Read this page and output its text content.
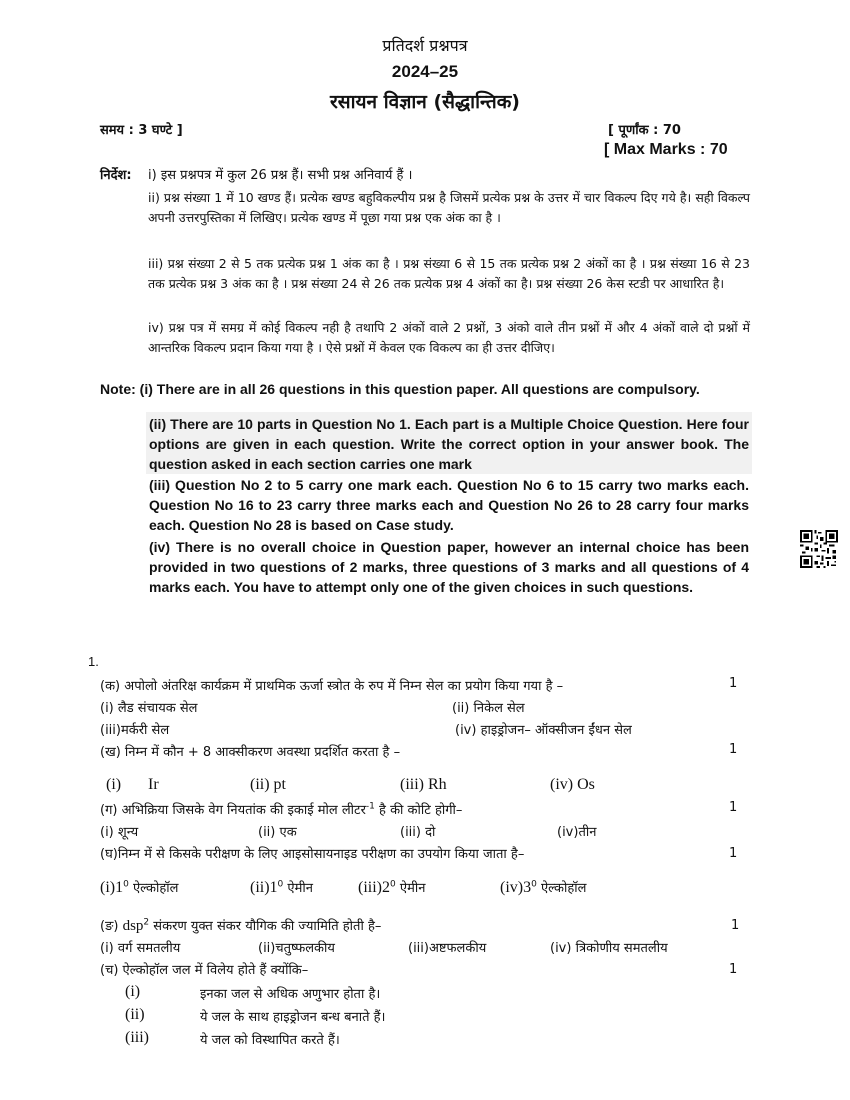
प्रतिदर्श प्रश्नपत्र
2024–25
रसायन विज्ञान (सैद्धान्तिक)
समय : 3 घण्टे ]	[ पूर्णांक : 70
[ Max Marks : 70
निर्देश: i) इस प्रश्नपत्र में कुल 26 प्रश्न हैं। सभी प्रश्न अनिवार्य हैं ।
ii) प्रश्न संख्या 1 में 10 खण्ड हैं। प्रत्येक खण्ड बहुविकल्पीय प्रश्न है जिसमें प्रत्येक प्रश्न के उत्तर में चार विकल्प दिए गये है। सही विकल्प अपनी उत्तरपुस्तिका में लिखिए। प्रत्येक खण्ड में पूछा गया प्रश्न एक अंक का है ।
iii) प्रश्न संख्या 2 से 5 तक प्रत्येक प्रश्न 1 अंक का है । प्रश्न संख्या 6 से 15 तक प्रत्येक प्रश्न 2 अंकों का है । प्रश्न संख्या 16 से 23 तक प्रत्येक प्रश्न 3 अंक का है । प्रश्न संख्या 24 से 26 तक प्रत्येक प्रश्न 4 अंकों का है। प्रश्न संख्या 26 केस स्टडी पर आधारित है।
iv) प्रश्न पत्र में समग्र में कोई विकल्प नही है तथापि 2 अंकों वाले 2 प्रश्नों, 3 अंको वाले तीन प्रश्नों में और 4 अंकों वाले दो प्रश्नों में आन्तरिक विकल्प प्रदान किया गया है । ऐसे प्रश्नों में केवल एक विकल्प का ही उत्तर दीजिए।
Note: (i) There are in all 26 questions in this question paper. All questions are compulsory.
(ii) There are 10 parts in Question No 1. Each part is a Multiple Choice Question. Here four options are given in each question. Write the correct option in your answer book. The question asked in each section carries one mark
(iii) Question No 2 to 5 carry one mark each. Question No 6 to 15 carry two marks each. Question No 16 to 23 carry three marks each and Question No 26 to 28 carry four marks each. Question No 28 is based on Case study.
(iv) There is no overall choice in Question paper, however an internal choice has been provided in two questions of 2 marks, three questions of 3 marks and all questions of 4 marks each. You have to attempt only one of the given choices in such questions.
1.
(क) अपोलो अंतरिक्ष कार्यक्रम में प्राथमिक ऊर्जा स्त्रोत के रुप में निम्न सेल का प्रयोग किया गया है –	1
(i) लैड संचायक सेल	(ii) निकेल सेल
(iii)मर्करी सेल	(iv) हाइड्रोजन– ऑक्सीजन ईंधन सेल
(ख) निम्न में कौन + 8 आक्सीकरण अवस्था प्रदर्शित करता है –	1
(i) Ir	(ii) pt	(iii) Rh	(iv) Os
(ग) अभिक्रिया जिसके वेग नियतांक की इकाई मोल लीटर$^{-1}$ है की कोटि होगी–	1
(i) शून्य	(ii) एक	(iii) दो	(iv)तीन
(घ)निम्न में से किसके परीक्षण के लिए आइसोसायनाइड परीक्षण का उपयोग किया जाता है–	1
$(i)1^0$ ऐल्कोहॉल	$(ii)1^0$ ऐमीन	$(iii)2^0$ ऐमीन	$(iv)3^0$ ऐल्कोहॉल
(ङ) dsp$^2$ संकरण युक्त संकर यौगिक की ज्यामिति होती है–	1
(i) वर्ग समतलीय	(ii)चतुष्फलकीय	(iii)अष्टफलकीय	(iv) त्रिकोणीय समतलीय
(च) ऐल्कोहॉल जल में विलेय होते हैं क्योंकि–	1
(i)	इनका जल से अधिक अणुभार होता है।
(ii)	ये जल के साथ हाइड्रोजन बन्ध बनाते हैं।
(iii)	ये जल को विस्थापित करते हैं।
